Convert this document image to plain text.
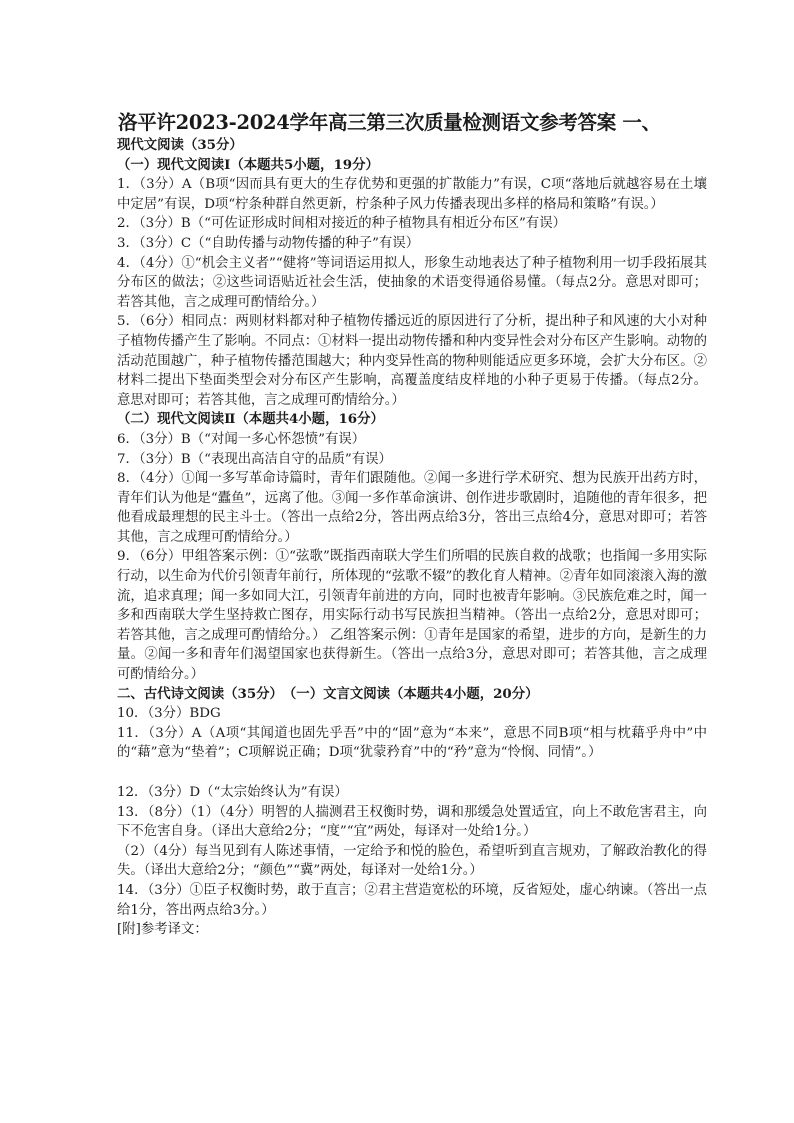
洛平许2023-2024学年高三第三次质量检测语文参考答案 一、

现代文阅读（35分）

（一）现代文阅读Ⅰ（本题共5小题，19分）

1．（3分）A（B项“因而具有更大的生存优势和更强的扩散能力”有误，C项“落地后就越容易在土壤中定居”有误，D项“柠条种群自然更新，柠条种子风力传播表现出多样的格局和策略”有误。）

2．（3分）B（“可佐证形成时间相对接近的种子植物具有相近分布区”有误）

3．（3分）C（“自助传播与动物传播的种子”有误）

4．（4分）①“机会主义者”“健将”等词语运用拟人，形象生动地表达了种子植物利用一切手段拓展其分布区的做法；②这些词语贴近社会生活，使抽象的术语变得通俗易懂。（每点2分。意思对即可；若答其他，言之成理可酌情给分。）

5．（6分）相同点：两则材料都对种子植物传播远近的原因进行了分析，提出种子和风速的大小对种子植物传播产生了影响。不同点：①材料一提出动物传播和种内变异性会对分布区产生影响。动物的活动范围越广，种子植物传播范围越大；种内变异性高的物种则能适应更多环境，会扩大分布区。②材料二提出下垫面类型会对分布区产生影响，高覆盖度结皮样地的小种子更易于传播。（每点2分。意思对即可；若答其他，言之成理可酌情给分。）

（二）现代文阅读Ⅱ（本题共4小题，16分）

6．（3分）B（“对闻一多心怀怨愤”有误）

7．（3分）B（“表现出高洁自守的品质”有误）

8．（4分）①闻一多写革命诗篇时，青年们跟随他。②闻一多进行学术研究、想为民族开出药方时，青年们认为他是“蠹鱼”，远离了他。③闻一多作革命演讲、创作进步歌剧时，追随他的青年很多，把他看成最理想的民主斗士。（答出一点给2分，答出两点给3分，答出三点给4分，意思对即可；若答其他，言之成理可酌情给分。）

9．（6分）甲组答案示例：①“弦歌”既指西南联大学生们所唱的民族自救的战歌；也指闻一多用实际行动，以生命为代价引领青年前行，所体现的“弦歌不辍”的教化育人精神。②青年如同滚滚入海的激流，追求真理；闻一多如同大江，引领青年前进的方向，同时也被青年影响。③民族危难之时，闻一多和西南联大学生坚持救亡图存，用实际行动书写民族担当精神。（答出一点给2分，意思对即可；若答其他，言之成理可酌情给分。） 乙组答案示例：①青年是国家的希望，进步的方向，是新生的力量。②闻一多和青年们渴望国家也获得新生。（答出一点给3分，意思对即可；若答其他，言之成理可酌情给分。）

二、古代诗文阅读（35分）　（一）文言文阅读（本题共4小题，20分）

10．（3分）BDG

11．（3分）A（A项“其闻道也固先乎吾”中的“固”意为“本来”，意思不同B项“相与枕藉乎舟中”中的“藉”意为“垫着”；C项解说正确；D项“犹蒙矜育”中的“矜”意为“怜悯、同情”。）

12．（3分）D（“太宗始终认为”有误）

13．（8分）（1）（4分）明智的人揣测君王权衡时势，调和那缓急处置适宜，向上不敢危害君主，向下不危害自身。（译出大意给2分；“度”“宜”两处，每译对一处给1分。）

（2）（4分）每当见到有人陈述事情，一定给予和悦的脸色，希望听到直言规劝，了解政治教化的得失。（译出大意给2分；“颜色”“冀”两处，每译对一处给1分。）

14．（3分）①臣子权衡时势，敢于直言；②君主营造宽松的环境，反省短处，虚心纳谏。（答出一点给1分，答出两点给3分。）

[附]参考译文：
